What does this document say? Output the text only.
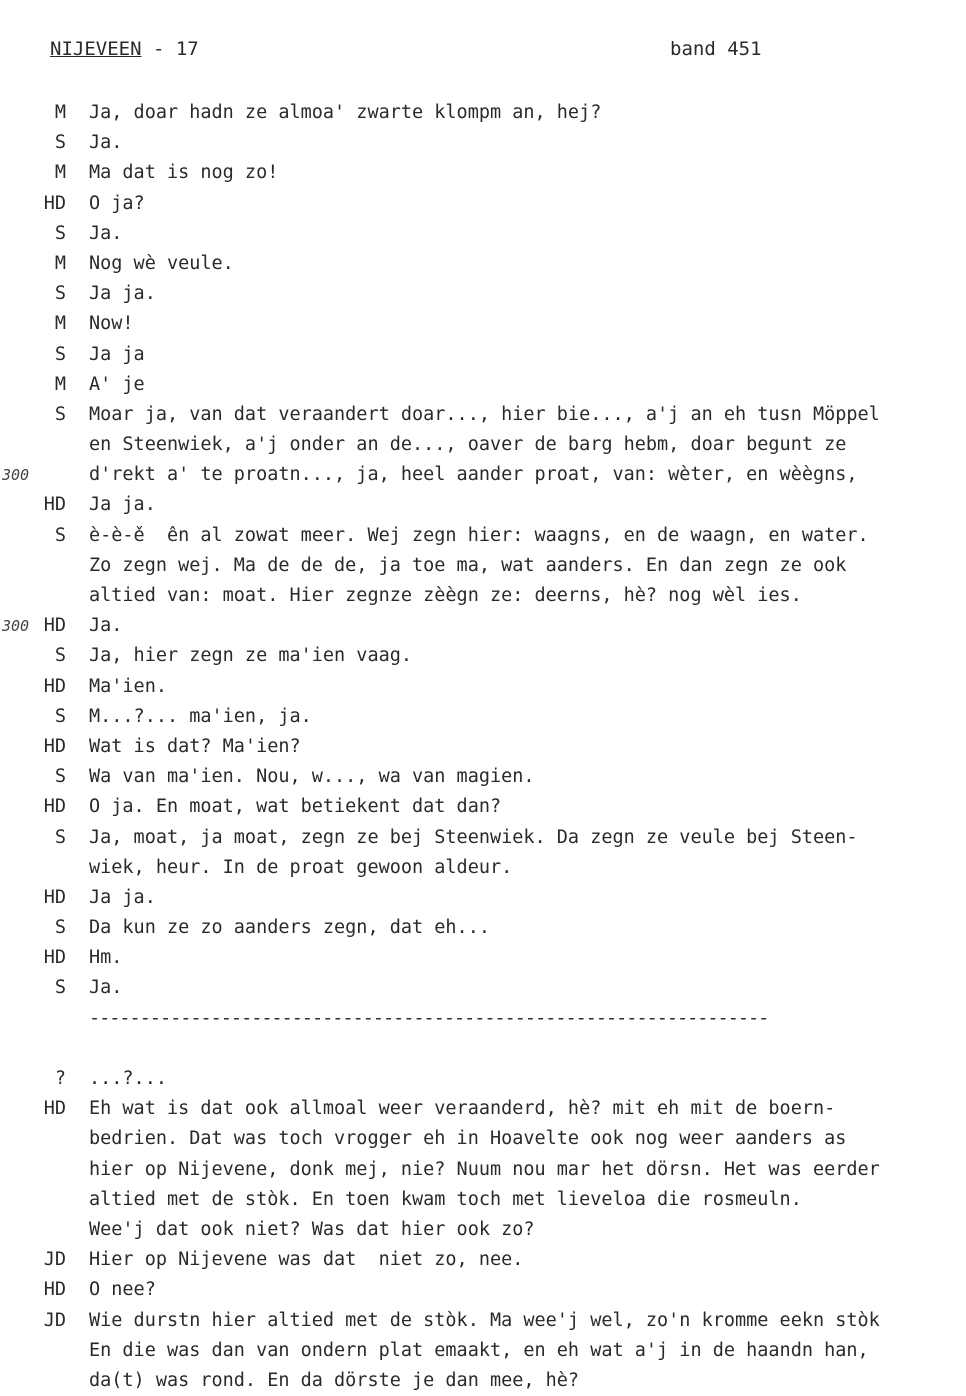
NIJEVEEN - 17	band 451
M Ja, doar hadn ze almoa' zwarte klompm an, hej?
S Ja.
M Ma dat is nog zo!
HD O ja?
S Ja.
M Nog wè veule.
S Ja ja.
M Now!
S Ja ja
M A' je
S Moar ja, van dat veraandert doar..., hier bie..., a'j an eh tusn Möppel
en Steenwiek, a'j onder an de..., oaver de barg hebm, doar begunt ze
300	d'rekt a' te proatn..., ja, heel aander proat, van: wèter, en wèègns,
HD Ja ja.
S è-è-ě  ên al zowat meer. Wej zegn hier: waagns, en de waagn, en water.
Zo zegn wej. Ma de de de, ja toe ma, wat aanders. En dan zegn ze ook
altied van: moat. Hier zegnze zèègn ze: deerns, hè? nog wèl ies.
300 HD Ja.
S Ja, hier zegn ze ma'ien vaag.
HD Ma'ien.
S M...?... ma'ien, ja.
HD Wat is dat? Ma'ien?
S Wa van ma'ien. Nou, w..., wa van magien.
HD O ja. En moat, wat betiekent dat dan?
S Ja, moat, ja moat, zegn ze bej Steenwiek. Da zegn ze veule bej Steen-
wiek, heur. In de proat gewoon aldeur.
HD Ja ja.
S Da kun ze zo aanders zegn, dat eh...
HD Hm.
S Ja.
-------------------------------------------------------------------
? ...?...
HD Eh wat is dat ook allmoal weer veraanderd, hè? mit eh mit de boern-
bedrien. Dat was toch vrogger eh in Hoavelte ook nog weer aanders as
hier op Nijevene, donk mej, nie? Nuum nou mar het dörsn. Het was eerder
altied met de stòk. En toen kwam toch met lieveloa die rosmeuln.
Wee'j dat ook niet? Was dat hier ook zo?
JD Hier op Nijevene was dat  niet zo, nee.
HD O nee?
JD Wie durstn hier altied met de stòk. Ma wee'j wel, zo'n kromme eekn stòk
En die was dan van ondern plat emaakt, en eh wat a'j in de haandn han,
da(t) was rond. En da dörste je dan mee, hè?
